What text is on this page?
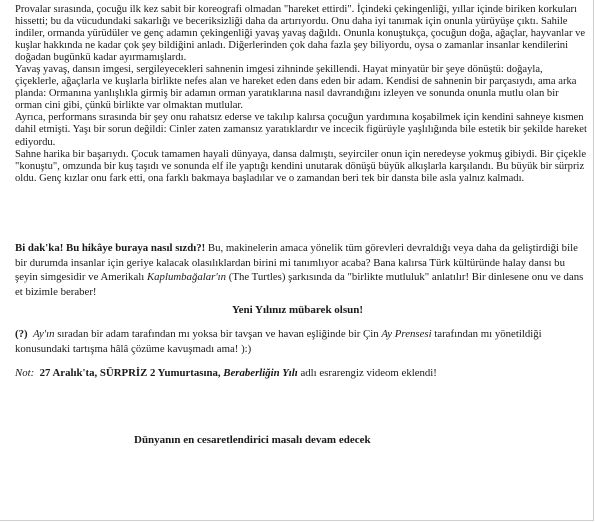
Provalar sırasında, çocuğu ilk kez sabit bir koreografi olmadan "hareket ettirdi". İçindeki çekingenliği, yıllar içinde biriken korkuları hissetti; bu da vücudundaki sakarlığı ve beceriksizliği daha da artırıyordu. Onu daha iyi tanımak için onunla yürüyüşe çıktı. Sahile indiler, ormanda yürüdüler ve genç adamın çekingenliği yavaş yavaş dağıldı. Onunla konuştukça, çocuğun doğa, ağaçlar, hayvanlar ve kuşlar hakkında ne kadar çok şey bildiğini anladı. Diğerlerinden çok daha fazla şey biliyordu, oysa o zamanlar insanlar kendilerini doğadan bugünkü kadar ayırmamışlardı.

Yavaş yavaş, dansın imgesi, sergileyecekleri sahnenin imgesi zihninde şekillendi. Hayat minyatür bir şeye dönüştü: doğayla, çiçeklerle, ağaçlarla ve kuşlarla birlikte nefes alan ve hareket eden dans eden bir adam. Kendisi de sahnenin bir parçasıydı, ama arka planda: Ormanına yanlışlıkla girmiş bir adamın orman yaratıklarına nasıl davrandığını izleyen ve sonunda onunla mutlu olan bir orman cini gibi, çünkü birlikte var olmaktan mutlular.

Ayrıca, performans sırasında bir şey onu rahatsız ederse ve takılıp kalırsa çocuğun yardımına koşabilmek için kendini sahneye kısmen dahil etmişti. Yaşı bir sorun değildi: Cinler zaten zamansız yaratıklardır ve incecik figürüyle yaşlılığında bile estetik bir şekilde hareket ediyordu.

Sahne harika bir başarıydı. Çocuk tamamen hayali dünyaya, dansa dalmıştı, seyirciler onun için neredeyse yokmuş gibiydi. Bir çiçekle "konuştu", omzunda bir kuş taşıdı ve sonunda elf ile yaptığı kendini unutarak dönüşü büyük alkışlarla karşılandı. Bu büyük bir sürpriz oldu. Genç kızlar onu fark etti, ona farklı bakmaya başladılar ve o zamandan beri tek bir dansta bile asla yalnız kalmadı.

Bi dak'ka! Bu hikâye buraya nasıl sızdı?! Bu, makinelerin amaca yönelik tüm görevleri devraldığı veya daha da geliştirdiği bile bir durumda insanlar için geriye kalacak olasılıklardan birini mi tanımlıyor acaba? Bana kalırsa Türk kültüründe halay dansı bu şeyin simgesidir ve Amerikalı Kaplumbağalar'ın (The Turtles) şarkısında da "birlikte mutluluk" anlatılır! Bir dinlesene onu ve dans et bizimle beraber!

Yeni Yılınız mübarek olsun!

(?) Ay'ın sıradan bir adam tarafından mı yoksa bir tavşan ve havan eşliğinde bir Çin Ay Prensesi tarafından mı yönetildiği konusundaki tartışma hâlâ çözüme kavuşmadı ama! ):)

Not: 27 Aralık'ta, SÜRPRİZ 2 Yumurtasına, Beraberliğin Yılı adlı esrarengiz videom eklendi!
Dünyanın en cesaretlendirici masalı devam edecek
